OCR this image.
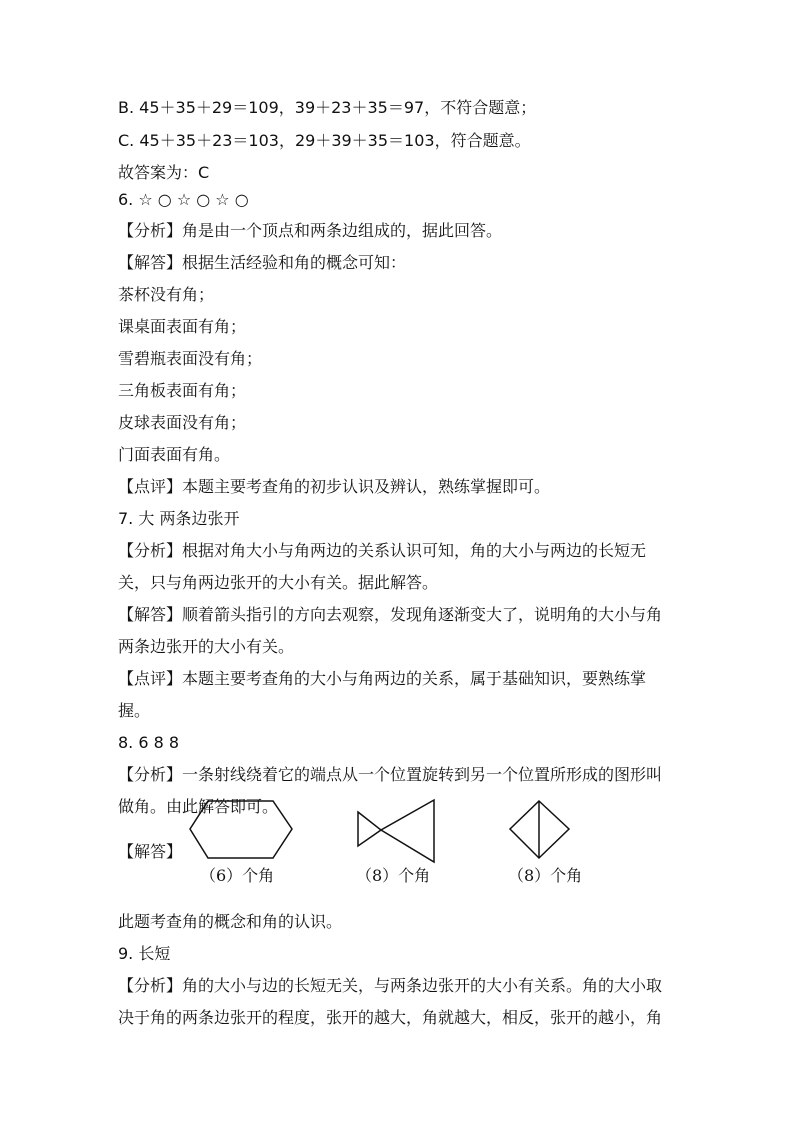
B. 45＋35＋29＝109，39＋23＋35＝97，不符合题意；
C. 45＋35＋23＝103，29＋39＋35＝103，符合题意。
故答案为：C
6. ☆ ○ ☆ ○ ☆ ○
【分析】角是由一个顶点和两条边组成的，据此回答。
【解答】根据生活经验和角的概念可知：
茶杯没有角；
课桌面表面有角；
雪碧瓶表面没有角；
三角板表面有角；
皮球表面没有角；
门面表面有角。
【点评】本题主要考查角的初步认识及辨认，熟练掌握即可。
7. 大 两条边张开
【分析】根据对角大小与角两边的关系认识可知，角的大小与两边的长短无
关，只与角两边张开的大小有关。据此解答。
【解答】顺着箭头指引的方向去观察，发现角逐渐变大了，说明角的大小与角
两条边张开的大小有关。
【点评】本题主要考查角的大小与角两边的关系，属于基础知识，要熟练掌
握。
8. 6 8 8
【分析】一条射线绕着它的端点从一个位置旋转到另一个位置所形成的图形叫
做角。由此解答即可。
【解答】
（6）个角	（8）个角	（8）个角
此题考查角的概念和角的认识。
9. 长短
【分析】角的大小与边的长短无关，与两条边张开的大小有关系。角的大小取
决于角的两条边张开的程度，张开的越大，角就越大，相反，张开的越小，角
